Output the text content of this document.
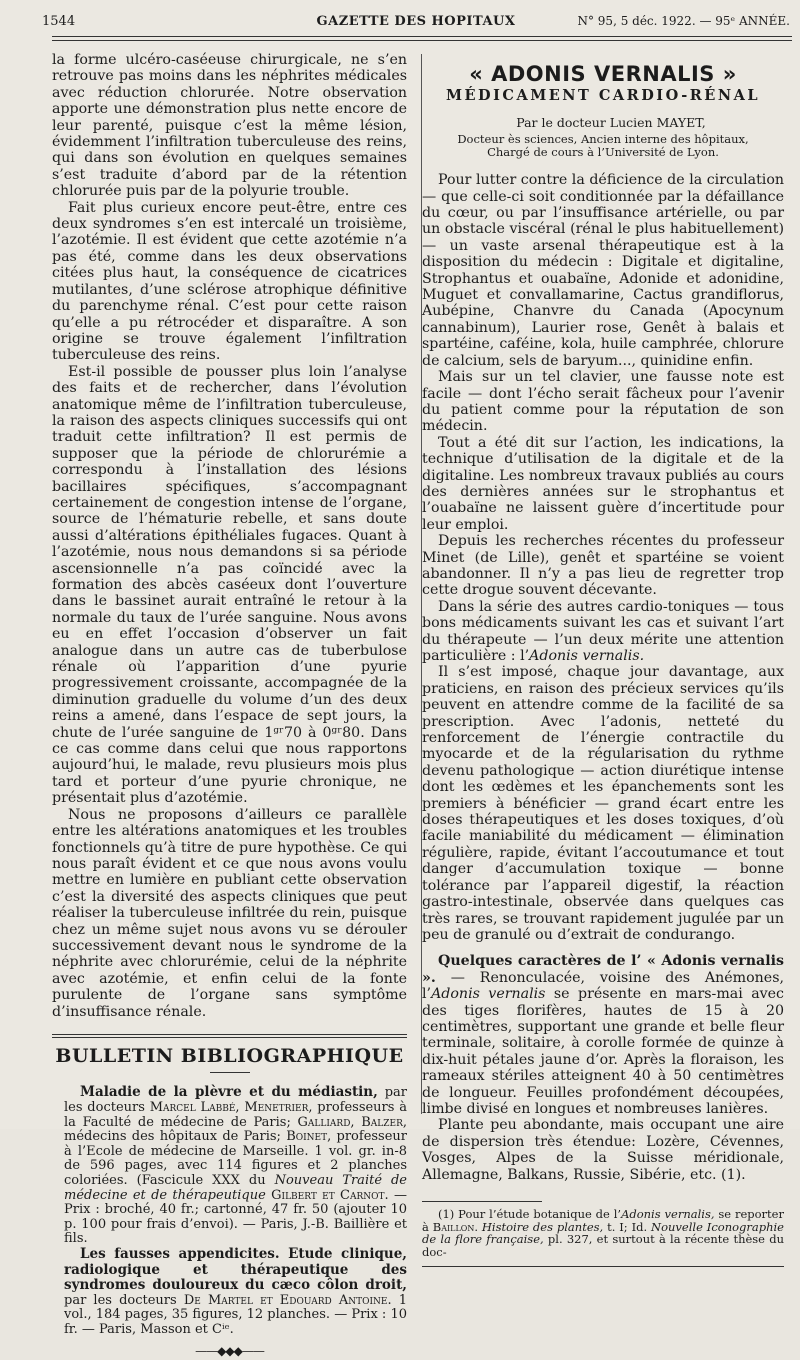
1544	GAZETTE DES HOPITAUX	N° 95, 5 déc. 1922. — 95ᵉ ANNÉE.

la forme ulcéro-caséeuse chirurgicale, ne s’en retrouve pas moins dans les néphrites médicales avec réduction chlorurée. Notre observation apporte une démonstration plus nette encore de leur parenté, puisque c’est la même lésion, évidemment l’infiltration tuberculeuse des reins, qui dans son évolution en quelques semaines s’est traduite d’abord par de la rétention chlorurée puis par de la polyurie trouble.

Fait plus curieux encore peut-être, entre ces deux syndromes s’en est intercalé un troisième, l’azotémie. Il est évident que cette azotémie n’a pas été, comme dans les deux observations citées plus haut, la conséquence de cicatrices mutilantes, d’une sclérose atrophique définitive du parenchyme rénal. C’est pour cette raison qu’elle a pu rétrocéder et disparaître. A son origine se trouve également l’infiltration tuberculeuse des reins.

Est-il possible de pousser plus loin l’analyse des faits et de rechercher, dans l’évolution anatomique même de l’infiltration tuberculeuse, la raison des aspects cliniques successifs qui ont traduit cette infiltration? Il est permis de supposer que la période de chlorurémie a correspondu à l’installation des lésions bacillaires spécifiques, s’accompagnant certainement de congestion intense de l’organe, source de l’hématurie rebelle, et sans doute aussi d’altérations épithéliales fugaces. Quant à l’azotémie, nous nous demandons si sa période ascensionnelle n’a pas coïncidé avec la formation des abcès caséeux dont l’ouverture dans le bassinet aurait entraîné le retour à la normale du taux de l’urée sanguine. Nous avons eu en effet l’occasion d’observer un fait analogue dans un autre cas de tuberbulose rénale où l’apparition d’une pyurie progressivement croissante, accompagnée de la diminution graduelle du volume d’un des deux reins a amené, dans l’espace de sept jours, la chute de l’urée sanguine de 1ᵍʳ70 à 0ᵍʳ80. Dans ce cas comme dans celui que nous rapportons aujourd’hui, le malade, revu plusieurs mois plus tard et porteur d’une pyurie chronique, ne présentait plus d’azotémie.

Nous ne proposons d’ailleurs ce parallèle entre les altérations anatomiques et les troubles fonctionnels qu’à titre de pure hypothèse. Ce qui nous paraît évident et ce que nous avons voulu mettre en lumière en publiant cette observation c’est la diversité des aspects cliniques que peut réaliser la tuberculeuse infiltrée du rein, puisque chez un même sujet nous avons vu se dérouler successivement devant nous le syndrome de la néphrite avec chlorurémie, celui de la néphrite avec azotémie, et enfin celui de la fonte purulente de l’organe sans symptôme d’insuffisance rénale.

BULLETIN BIBLIOGRAPHIQUE

Maladie de la plèvre et du médiastin, par les docteurs Marcel Labbé, Menetrier, professeurs à la Faculté de médecine de Paris; Galliard, Balzer, médecins des hôpitaux de Paris; Boinet, professeur à l’Ecole de médecine de Marseille. 1 vol. gr. in-8 de 596 pages, avec 114 figures et 2 planches coloriées. (Fascicule XXX du Nouveau Traité de médecine et de thérapeutique Gilbert et Carnot. — Prix : broché, 40 fr.; cartonné, 47 fr. 50 (ajouter 10 p. 100 pour frais d’envoi). — Paris, J.-B. Baillière et fils.

Les fausses appendicites. Etude clinique, radiologique et thérapeutique des syndromes douloureux du cæco côlon droit, par les docteurs De Martel et Edouard Antoine. 1 vol., 184 pages, 35 figures, 12 planches. — Prix : 10 fr. — Paris, Masson et Cⁱᵉ.

——◆◆◆——
« ADONIS VERNALIS »
MÉDICAMENT CARDIO-RÉNAL

Par le docteur Lucien MAYET,

Docteur ès sciences, Ancien interne des hôpitaux,
Chargé de cours à l’Université de Lyon.

Pour lutter contre la déficience de la circulation — que celle-ci soit conditionnée par la défaillance du cœur, ou par l’insuffisance artérielle, ou par un obstacle viscéral (rénal le plus habituellement) — un vaste arsenal thérapeutique est à la disposition du médecin : Digitale et digitaline, Strophantus et ouabaïne, Adonide et adonidine, Muguet et convallamarine, Cactus grandiflorus, Aubépine, Chanvre du Canada (Apocynum cannabinum), Laurier rose, Genêt à balais et spartéine, caféine, kola, huile camphrée, chlorure de calcium, sels de baryum..., quinidine enfin.

Mais sur un tel clavier, une fausse note est facile — dont l’écho serait fâcheux pour l’avenir du patient comme pour la réputation de son médecin.

Tout a été dit sur l’action, les indications, la technique d’utilisation de la digitale et de la digitaline. Les nombreux travaux publiés au cours des dernières années sur le strophantus et l’ouabaïne ne laissent guère d’incertitude pour leur emploi.

Depuis les recherches récentes du professeur Minet (de Lille), genêt et spartéine se voient abandonner. Il n’y a pas lieu de regretter trop cette drogue souvent décevante.

Dans la série des autres cardio-toniques — tous bons médicaments suivant les cas et suivant l’art du thérapeute — l’un deux mérite une attention particulière : l’Adonis vernalis.

Il s’est imposé, chaque jour davantage, aux praticiens, en raison des précieux services qu’ils peuvent en attendre comme de la facilité de sa prescription. Avec l’adonis, netteté du renforcement de l’énergie contractile du myocarde et de la régularisation du rythme devenu pathologique — action diurétique intense dont les œdèmes et les épanchements sont les premiers à bénéficier — grand écart entre les doses thérapeutiques et les doses toxiques, d’où facile maniabilité du médicament — élimination régulière, rapide, évitant l’accoutumance et tout danger d’accumulation toxique — bonne tolérance par l’appareil digestif, la réaction gastro-intestinale, observée dans quelques cas très rares, se trouvant rapidement jugulée par un peu de granulé ou d’extrait de condurango.

Quelques caractères de l’ « Adonis vernalis ». — Renonculacée, voisine des Anémones, l’Adonis vernalis se présente en mars-mai avec des tiges florifères, hautes de 15 à 20 centimètres, supportant une grande et belle fleur terminale, solitaire, à corolle formée de quinze à dix-huit pétales jaune d’or. Après la floraison, les rameaux stériles atteignent 40 à 50 centimètres de longueur. Feuilles profondément découpées, limbe divisé en longues et nombreuses lanières.

Plante peu abondante, mais occupant une aire de dispersion très étendue: Lozère, Cévennes, Vosges, Alpes de la Suisse méridionale, Allemagne, Balkans, Russie, Sibérie, etc. (1).

(1) Pour l’étude botanique de l’Adonis vernalis, se reporter à Baillon. Histoire des plantes, t. I; Id. Nouvelle Iconographie de la flore française, pl. 327, et surtout à la récente thèse du doc-
